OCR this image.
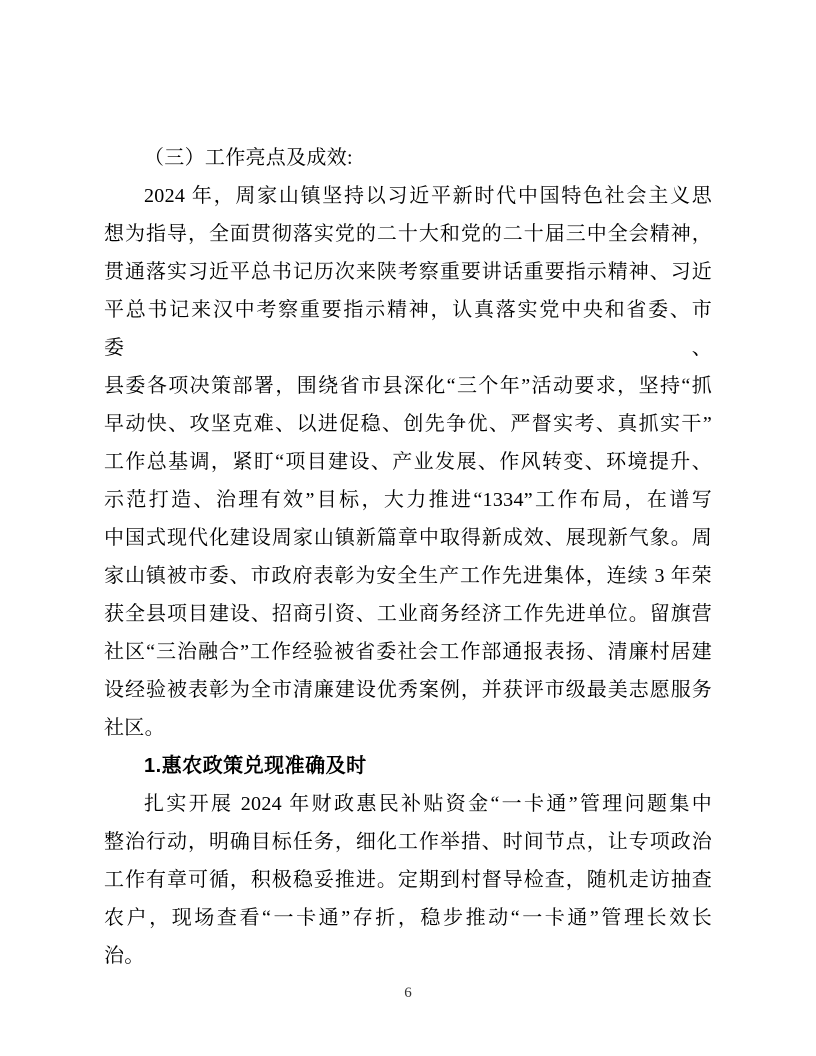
（三）工作亮点及成效:
2024 年，周家山镇坚持以习近平新时代中国特色社会主义思
想为指导，全面贯彻落实党的二十大和党的二十届三中全会精神，
贯通落实习近平总书记历次来陕考察重要讲话重要指示精神、习近
平总书记来汉中考察重要指示精神，认真落实党中央和省委、市委、
县委各项决策部署，围绕省市县深化“三个年”活动要求，坚持“抓
早动快、攻坚克难、以进促稳、创先争优、严督实考、真抓实干”
工作总基调，紧盯“项目建设、产业发展、作风转变、环境提升、
示范打造、治理有效”目标，大力推进“1334”工作布局，在谱写
中国式现代化建设周家山镇新篇章中取得新成效、展现新气象。周
家山镇被市委、市政府表彰为安全生产工作先进集体，连续 3 年荣
获全县项目建设、招商引资、工业商务经济工作先进单位。留旗营
社区“三治融合”工作经验被省委社会工作部通报表扬、清廉村居建
设经验被表彰为全市清廉建设优秀案例，并获评市级最美志愿服务
社区。
1.惠农政策兑现准确及时
扎实开展 2024 年财政惠民补贴资金“一卡通”管理问题集中
整治行动，明确目标任务，细化工作举措、时间节点，让专项政治
工作有章可循，积极稳妥推进。定期到村督导检查，随机走访抽查
农户，现场查看“一卡通”存折，稳步推动“一卡通”管理长效长
治。
6
